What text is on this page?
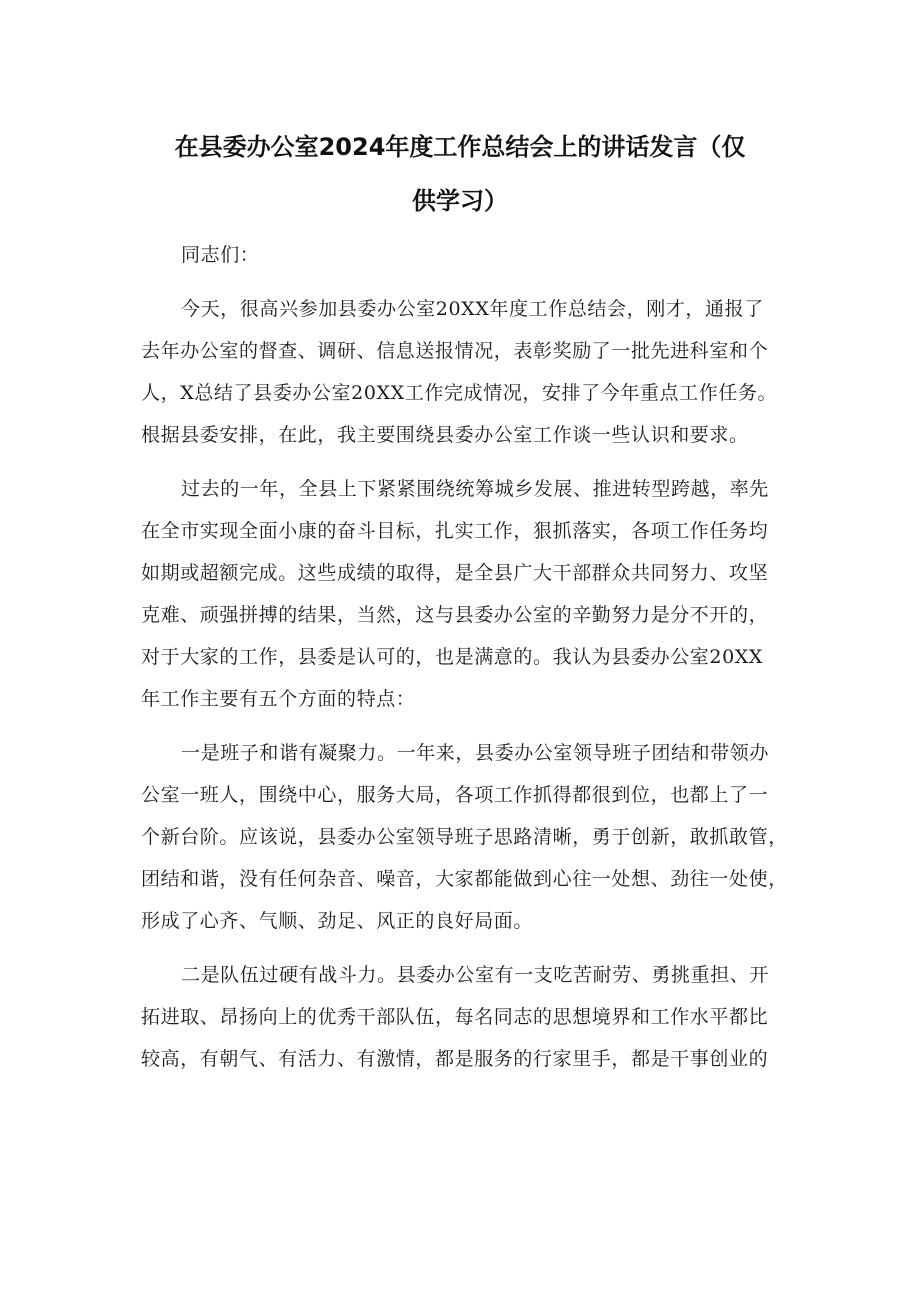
在县委办公室2024年度工作总结会上的讲话发言（仅
供学习）

同志们：

今天，很高兴参加县委办公室20XX年度工作总结会，刚才，通报了
去年办公室的督查、调研、信息送报情况，表彰奖励了一批先进科室和个
人，X总结了县委办公室20XX工作完成情况，安排了今年重点工作任务。
根据县委安排，在此，我主要围绕县委办公室工作谈一些认识和要求。

过去的一年，全县上下紧紧围绕统筹城乡发展、推进转型跨越，率先
在全市实现全面小康的奋斗目标，扎实工作，狠抓落实，各项工作任务均
如期或超额完成。这些成绩的取得，是全县广大干部群众共同努力、攻坚
克难、顽强拼搏的结果，当然，这与县委办公室的辛勤努力是分不开的，
对于大家的工作，县委是认可的，也是满意的。我认为县委办公室20XX
年工作主要有五个方面的特点：

一是班子和谐有凝聚力。一年来，县委办公室领导班子团结和带领办
公室一班人，围绕中心，服务大局，各项工作抓得都很到位，也都上了一
个新台阶。应该说，县委办公室领导班子思路清晰，勇于创新，敢抓敢管，
团结和谐，没有任何杂音、噪音，大家都能做到心往一处想、劲往一处使，
形成了心齐、气顺、劲足、风正的良好局面。

二是队伍过硬有战斗力。县委办公室有一支吃苦耐劳、勇挑重担、开
拓进取、昂扬向上的优秀干部队伍，每名同志的思想境界和工作水平都比
较高，有朝气、有活力、有激情，都是服务的行家里手，都是干事创业的
